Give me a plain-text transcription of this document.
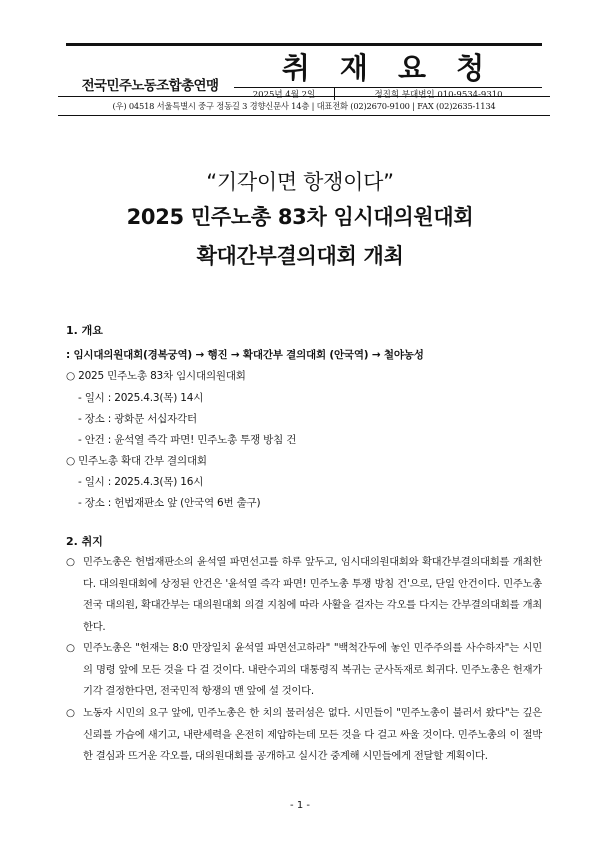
전국민주노동조합총연맹
취 재 요 청
2025년 4월 2일	정진희 부대변인 010-9534-9310
(우) 04518 서울특별시 중구 정동길 3 경향신문사 14층 | 대표전화 (02)2670-9100 | FAX (02)2635-1134
“기각이면 항쟁이다”
2025 민주노총 83차 임시대의원대회
확대간부결의대회 개최
1. 개요
: 임시대의원대회(경복궁역) → 행진 → 확대간부 결의대회 (안국역) → 철야농성
○ 2025 민주노총 83차 임시대의원대회
- 일시 : 2025.4.3(목) 14시
- 장소 : 광화문 서십자각터
- 안건 : 윤석열 즉각 파면! 민주노총 투쟁 방침 건
○ 민주노총 확대 간부 결의대회
- 일시 : 2025.4.3(목) 16시
- 장소 : 헌법재판소 앞 (안국역 6번 출구)
2. 취지
○ 민주노총은 헌법재판소의 윤석열 파면선고를 하루 앞두고, 임시대의원대회와 확대간부결의대회를 개최한다. 대의원대회에 상정된 안건은 '윤석열 즉각 파면! 민주노총 투쟁 방침 건'으로, 단일 안건이다. 민주노총 전국 대의원, 확대간부는 대의원대회 의결 지침에 따라 사활을 걸자는 각오를 다지는 간부결의대회를 개최한다.
○ 민주노총은 "헌재는 8:0 만장일치 윤석열 파면선고하라" "백척간두에 놓인 민주주의를 사수하자"는 시민의 명령 앞에 모든 것을 다 걸 것이다. 내란수괴의 대통령직 복귀는 군사독재로 회귀다. 민주노총은 헌재가 기각 결정한다면, 전국민적 항쟁의 맨 앞에 설 것이다.
○ 노동자 시민의 요구 앞에, 민주노총은 한 치의 물러섬은 없다. 시민들이 "민주노총이 불러서 왔다"는 깊은 신뢰를 가슴에 새기고, 내란세력을 온전히 제압하는데 모든 것을 다 걸고 싸울 것이다. 민주노총의 이 절박한 결심과 뜨거운 각오를, 대의원대회를 공개하고 실시간 중계해 시민들에게 전달할 계획이다.
- 1 -
